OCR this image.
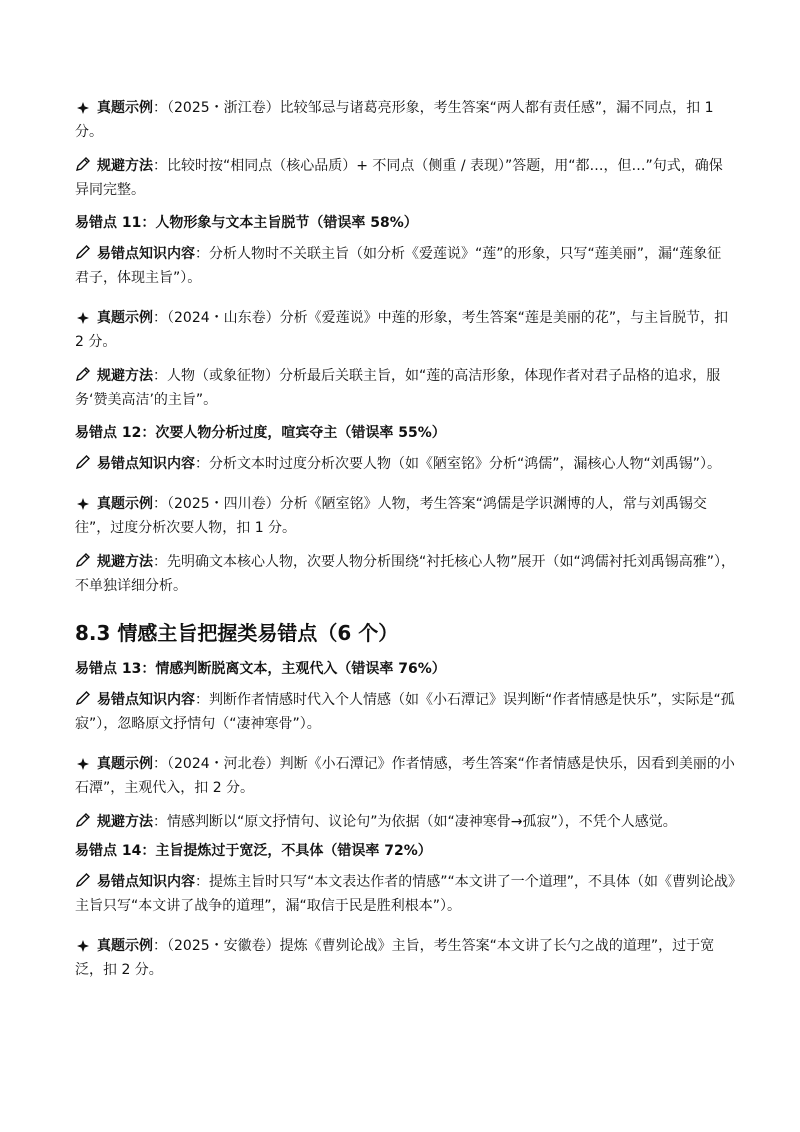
真题示例：（2025・浙江卷）比较邹忌与诸葛亮形象，考生答案“两人都有责任感”，漏不同点，扣 1 分。

规避方法：比较时按“相同点（核心品质）+ 不同点（侧重 / 表现）”答题，用“都…，但…”句式，确保异同完整。

易错点 11：人物形象与文本主旨脱节（错误率 58%）

易错点知识内容：分析人物时不关联主旨（如分析《爱莲说》“莲”的形象，只写“莲美丽”，漏“莲象征君子，体现主旨”）。

真题示例：（2024・山东卷）分析《爱莲说》中莲的形象，考生答案“莲是美丽的花”，与主旨脱节，扣 2 分。

规避方法：人物（或象征物）分析最后关联主旨，如“莲的高洁形象，体现作者对君子品格的追求，服务‘赞美高洁’的主旨”。

易错点 12：次要人物分析过度，喧宾夺主（错误率 55%）

易错点知识内容：分析文本时过度分析次要人物（如《陋室铭》分析“鸿儒”，漏核心人物“刘禹锡”）。

真题示例：（2025・四川卷）分析《陋室铭》人物，考生答案“鸿儒是学识渊博的人，常与刘禹锡交往”，过度分析次要人物，扣 1 分。

规避方法：先明确文本核心人物，次要人物分析围绕“衬托核心人物”展开（如“鸿儒衬托刘禹锡高雅”），不单独详细分析。

8.3 情感主旨把握类易错点（6 个）
易错点 13：情感判断脱离文本，主观代入（错误率 76%）

易错点知识内容：判断作者情感时代入个人情感（如《小石潭记》误判断“作者情感是快乐”，实际是“孤寂”），忽略原文抒情句（“凄神寒骨”）。

真题示例：（2024・河北卷）判断《小石潭记》作者情感，考生答案“作者情感是快乐，因看到美丽的小石潭”，主观代入，扣 2 分。

规避方法：情感判断以“原文抒情句、议论句”为依据（如“凄神寒骨→孤寂”），不凭个人感觉。

易错点 14：主旨提炼过于宽泛，不具体（错误率 72%）

易错点知识内容：提炼主旨时只写“本文表达作者的情感”“本文讲了一个道理”，不具体（如《曹刿论战》主旨只写“本文讲了战争的道理”，漏“取信于民是胜利根本”）。

真题示例：（2025・安徽卷）提炼《曹刿论战》主旨，考生答案“本文讲了长勺之战的道理”，过于宽泛，扣 2 分。
